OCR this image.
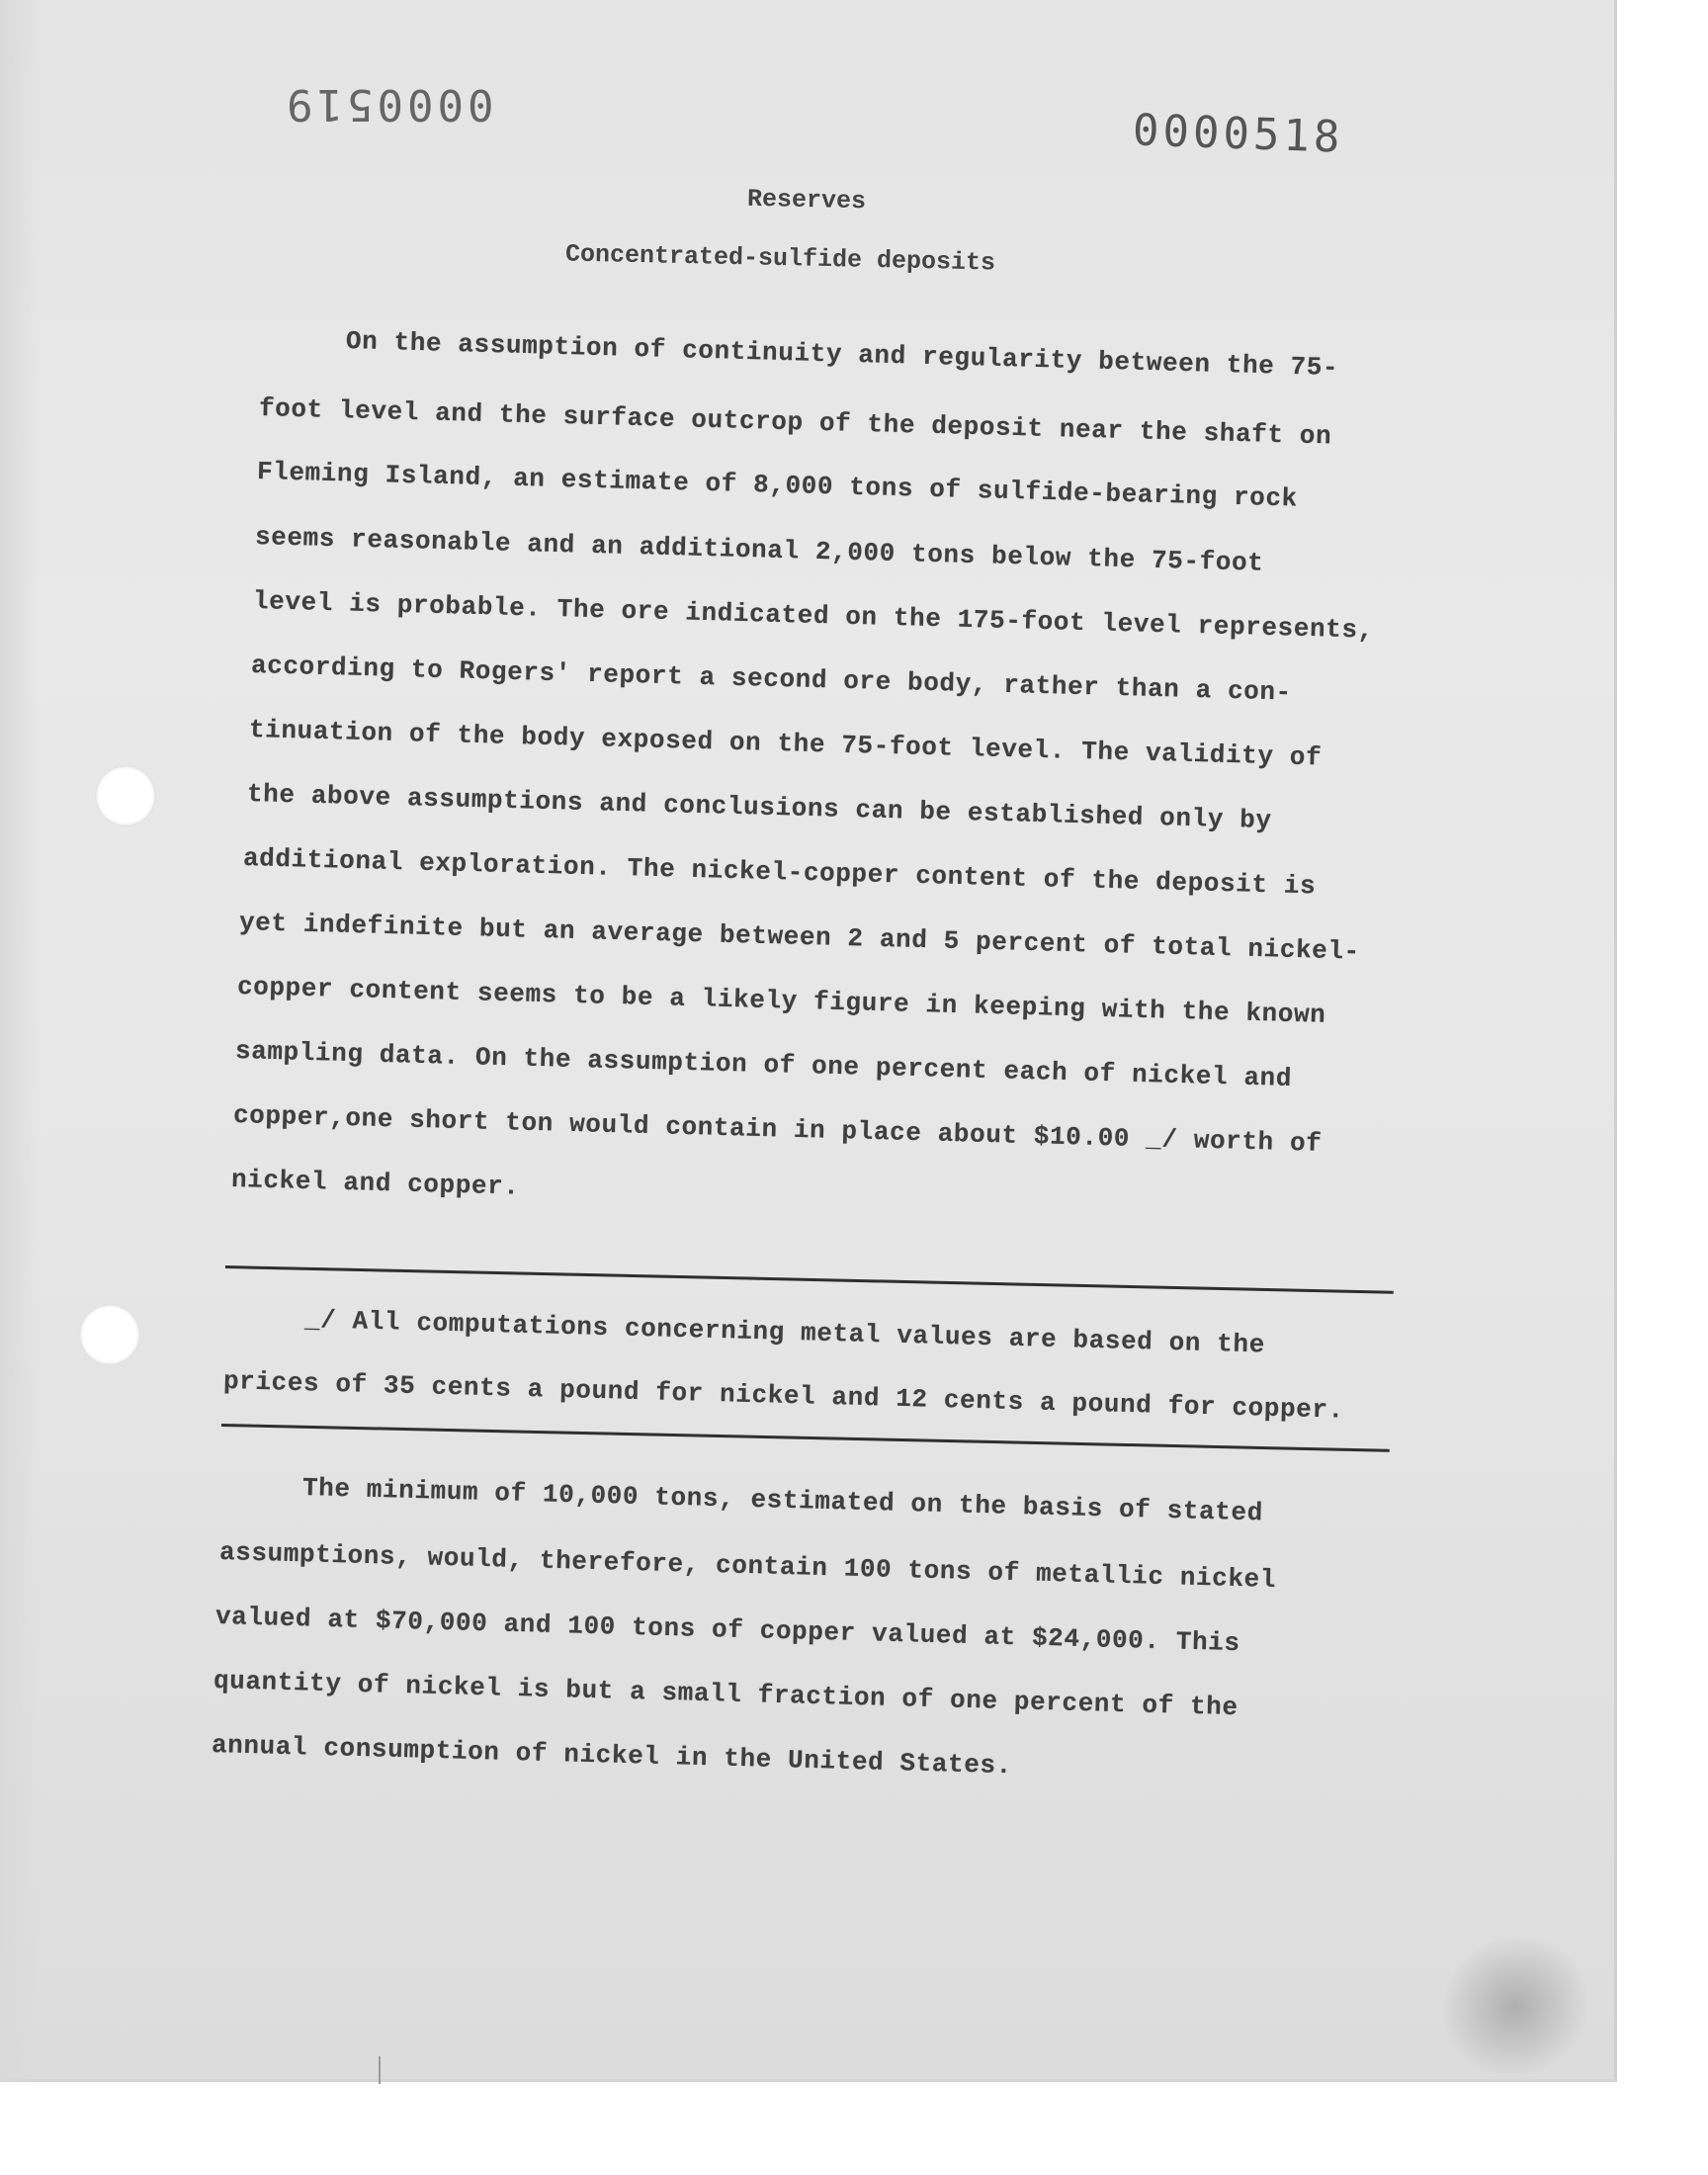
0000519
0000518
Reserves
Concentrated-sulfide deposits
On the assumption of continuity and regularity between the 75-
foot level and the surface outcrop of the deposit near the shaft on
Fleming Island, an estimate of 8,000 tons of sulfide-bearing rock
seems reasonable and an additional 2,000 tons below the 75-foot
level is probable. The ore indicated on the 175-foot level represents,
according to Rogers' report a second ore body, rather than a con-
tinuation of the body exposed on the 75-foot level. The validity of
the above assumptions and conclusions can be established only by
additional exploration. The nickel-copper content of the deposit is
yet indefinite but an average between 2 and 5 percent of total nickel-
copper content seems to be a likely figure in keeping with the known
sampling data. On the assumption of one percent each of nickel and
copper,one short ton would contain in place about $10.00 _/ worth of
nickel and copper.
_/ All computations concerning metal values are based on the
prices of 35 cents a pound for nickel and 12 cents a pound for copper.
The minimum of 10,000 tons, estimated on the basis of stated
assumptions, would, therefore, contain 100 tons of metallic nickel
valued at $70,000 and 100 tons of copper valued at $24,000. This
quantity of nickel is but a small fraction of one percent of the
annual consumption of nickel in the United States.
